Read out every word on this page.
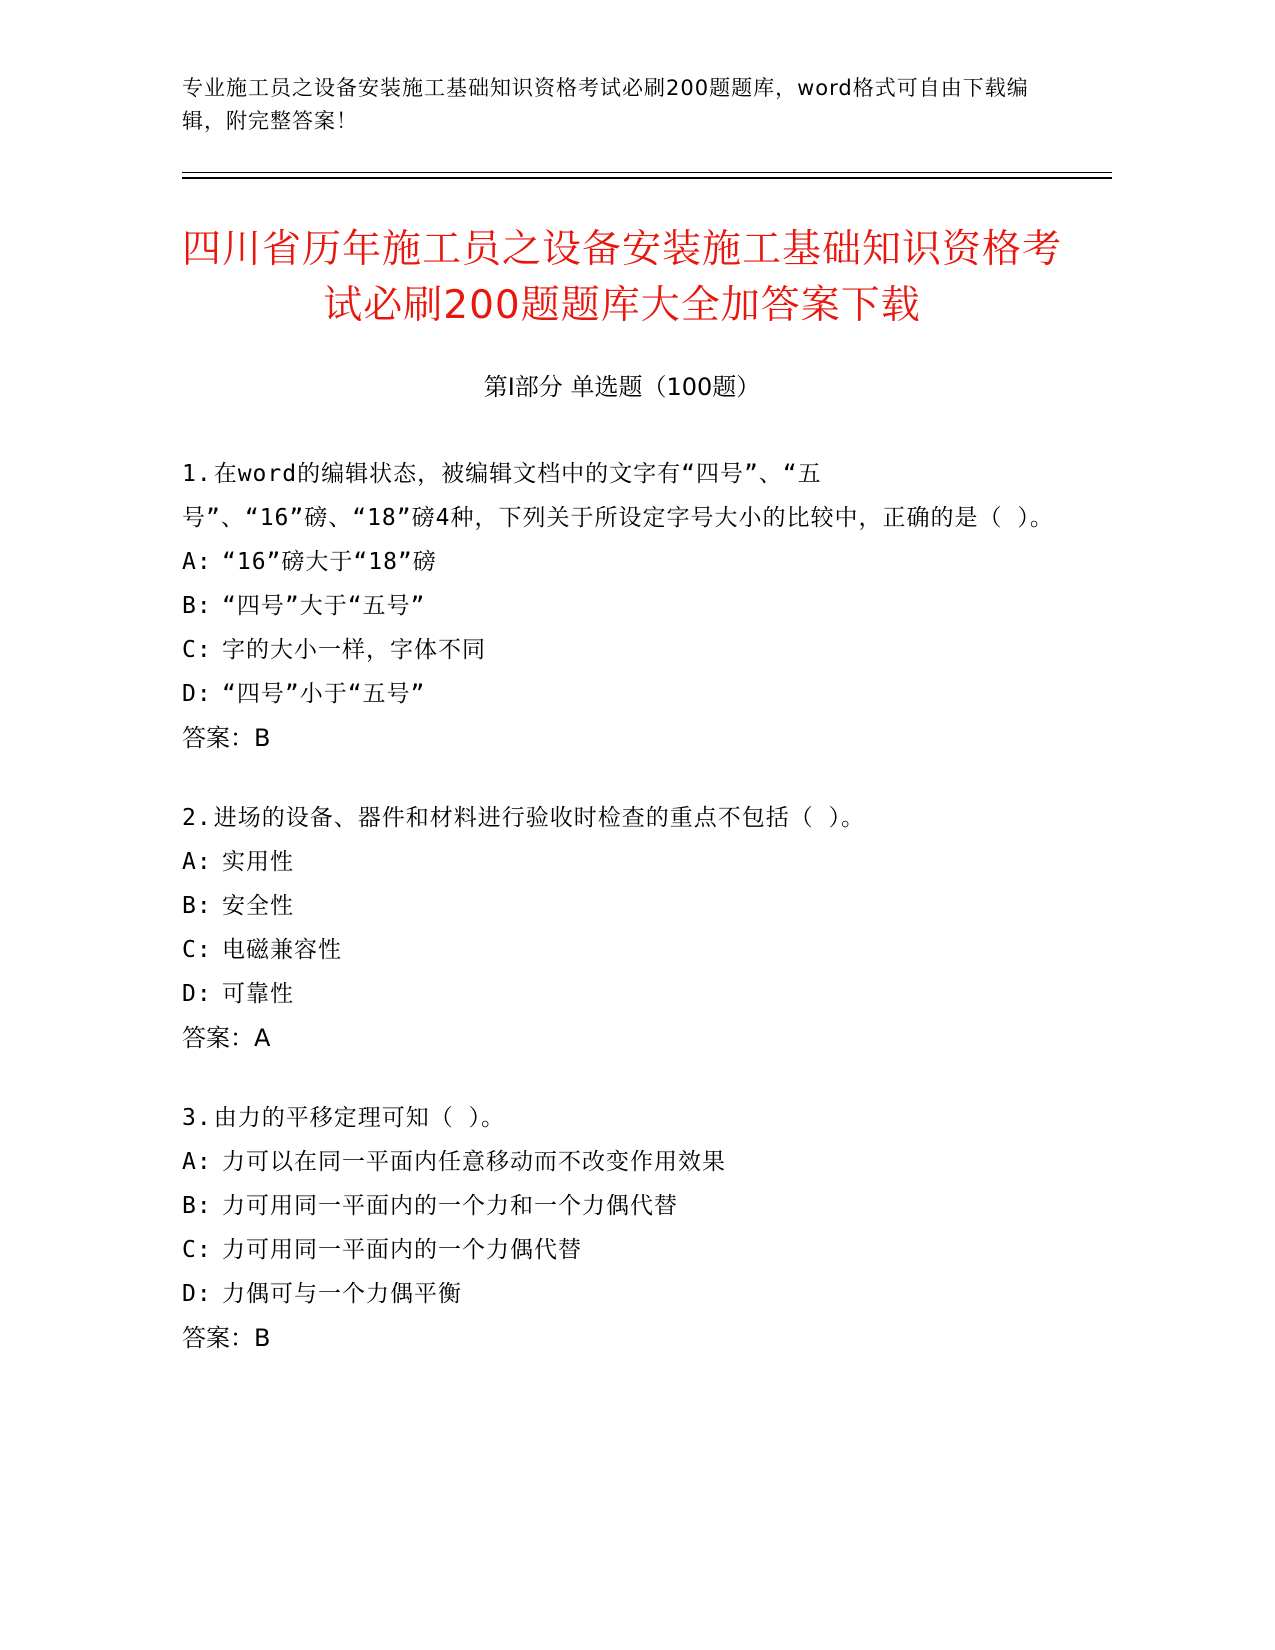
专业施工员之设备安装施工基础知识资格考试必刷200题题库，word格式可自由下载编辑，附完整答案！
四川省历年施工员之设备安装施工基础知识资格考试必刷200题题库大全加答案下载
第I部分 单选题（100题）
1.在word的编辑状态，被编辑文档中的文字有“四号”、“五号”、“16”磅、“18”磅4种，下列关于所设定字号大小的比较中，正确的是（ ）。
A: “16”磅大于“18”磅
B: “四号”大于“五号”
C: 字的大小一样，字体不同
D: “四号”小于“五号”
答案：B
2.进场的设备、器件和材料进行验收时检查的重点不包括（ ）。
A: 实用性
B: 安全性
C: 电磁兼容性
D: 可靠性
答案：A
3.由力的平移定理可知（ ）。
A: 力可以在同一平面内任意移动而不改变作用效果
B: 力可用同一平面内的一个力和一个力偶代替
C: 力可用同一平面内的一个力偶代替
D: 力偶可与一个力偶平衡
答案：B
